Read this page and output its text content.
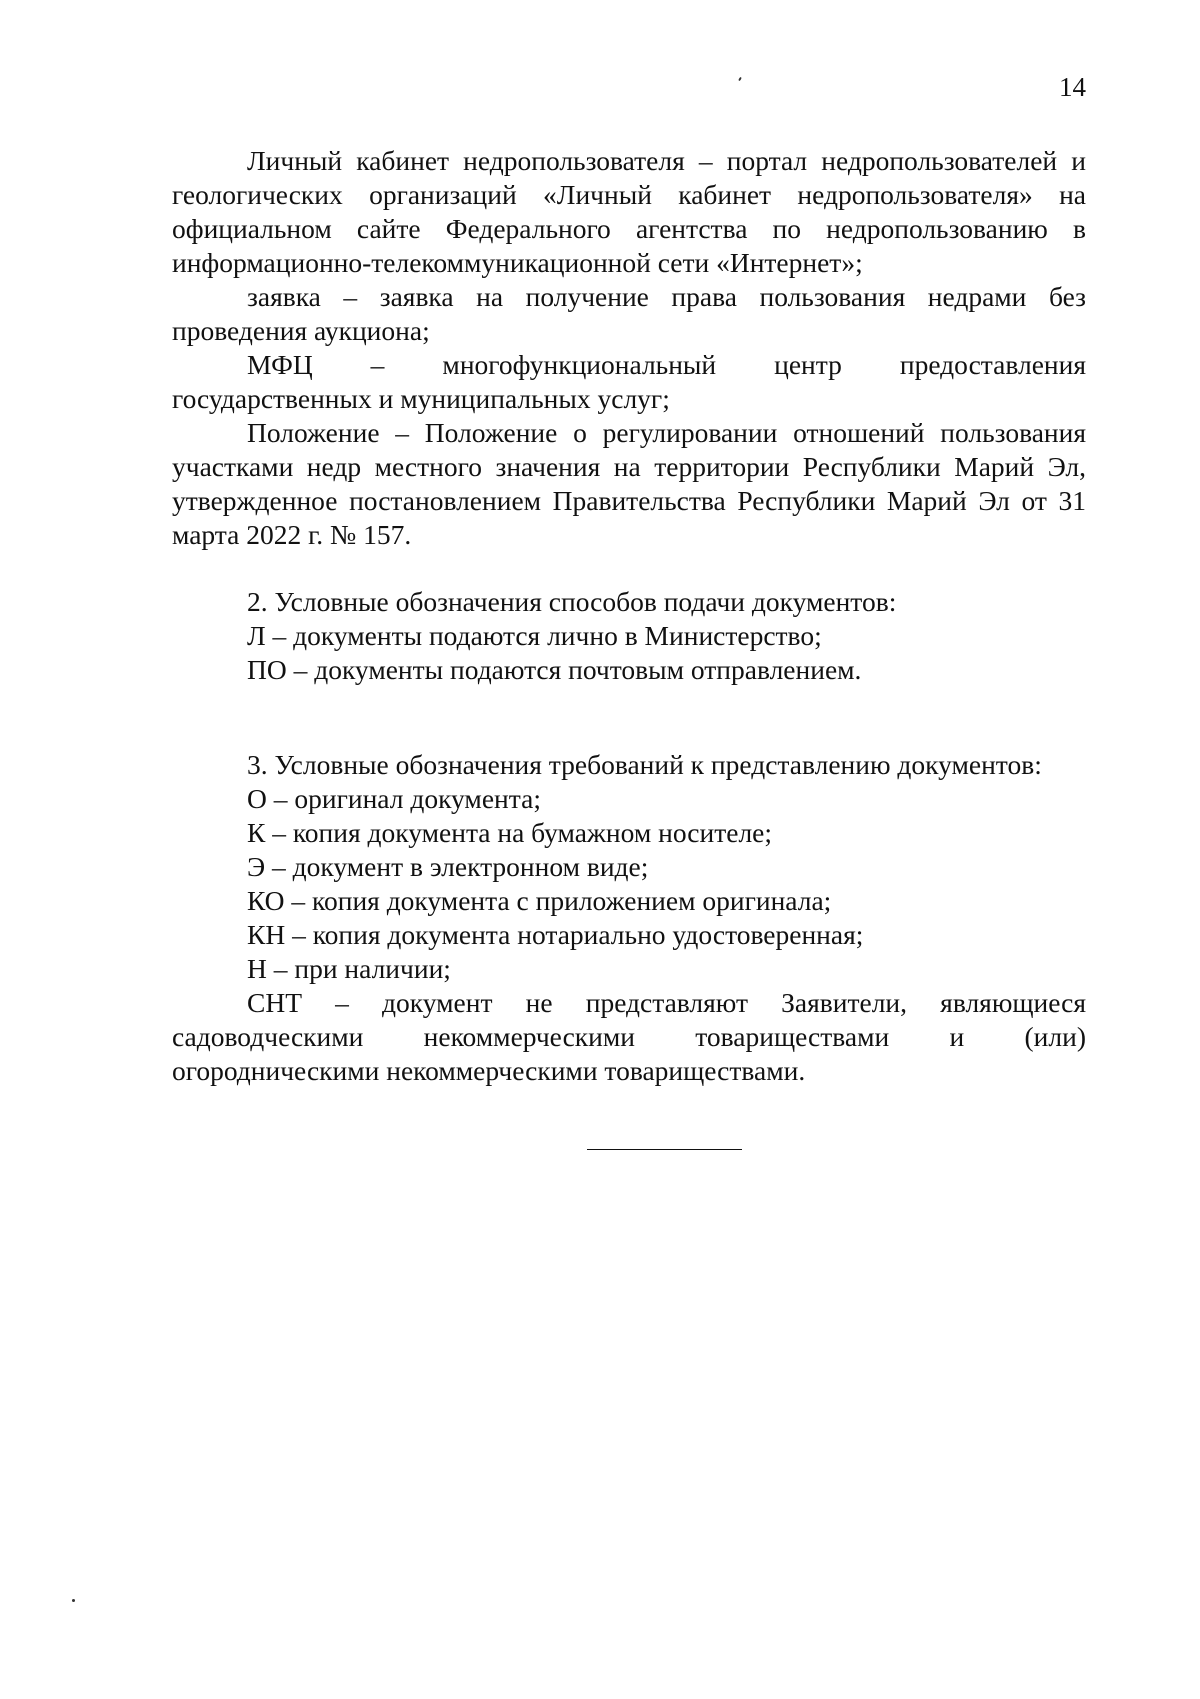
14

Личный кабинет недропользователя – портал недропользователей и геологических организаций «Личный кабинет недропользователя» на официальном сайте Федерального агентства по недропользованию в информационно-телекоммуникационной сети «Интернет»;

заявка – заявка на получение права пользования недрами без проведения аукциона;

МФЦ – многофункциональный центр предоставления государственных и муниципальных услуг;

Положение – Положение о регулировании отношений пользования участками недр местного значения на территории Республики Марий Эл, утвержденное постановлением Правительства Республики Марий Эл от 31 марта 2022 г. № 157.

2. Условные обозначения способов подачи документов:

Л – документы подаются лично в Министерство;

ПО – документы подаются почтовым отправлением.

3. Условные обозначения требований к представлению документов:

О – оригинал документа;

К – копия документа на бумажном носителе;

Э – документ в электронном виде;

КО – копия документа с приложением оригинала;

КН – копия документа нотариально удостоверенная;

Н – при наличии;

СНТ – документ не представляют Заявители, являющиеся садоводческими некоммерческими товариществами и (или) огородническими некоммерческими товариществами.
